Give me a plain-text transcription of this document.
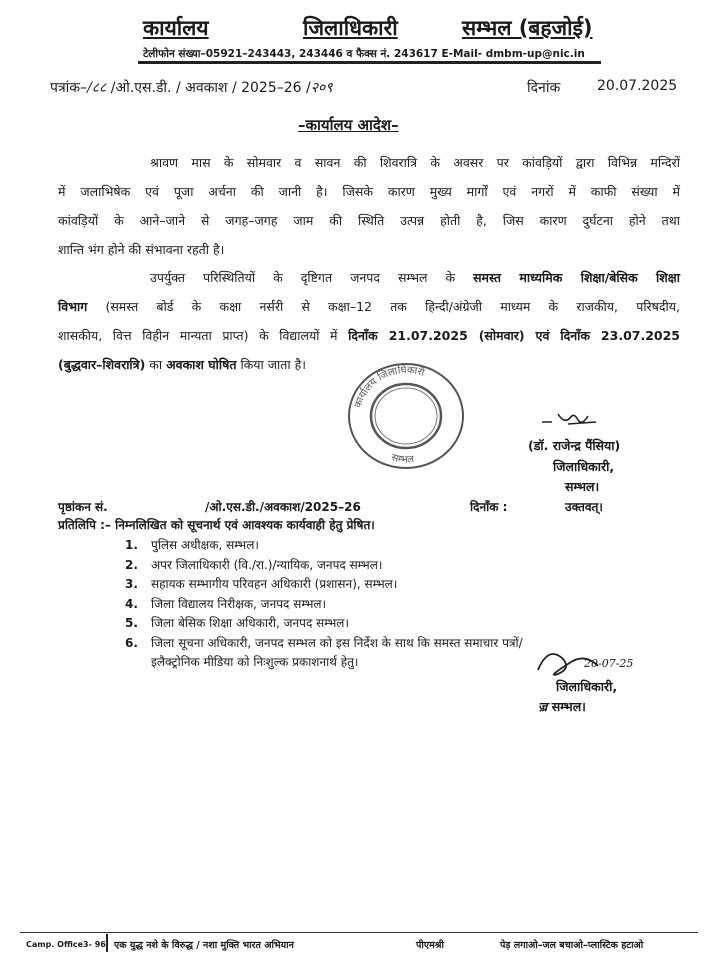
कार्यालय	जिलाधिकारी	सम्भल (बहजोई)
टेलीफोन संख्या–05921–243443, 243446 व फैक्स नं. 243617 E-Mail- dmbm-up@nic.in
पत्रांक–/८८ /ओ.एस.डी. / अवकाश / 2025–26 /२०९	दिनांक	20.07.2025
–कार्यालय आदेश–
श्रावण मास के सोमवार व सावन की शिवरात्रि के अवसर पर कांवड़ियों द्वारा विभिन्न मन्दिरों
में जलाभिषेक एवं पूजा अर्चना की जानी है। जिसके कारण मुख्य मार्गों एवं नगरों में काफी संख्या में
कांवड़ियों के आने–जाने से जगह–जगह जाम की स्थिति उत्पन्न होती है, जिस कारण दुर्घटना होने तथा
शान्ति भंग होने की संभावना रहती है।
उपर्युक्त परिस्थितियों के दृष्टिगत जनपद सम्भल के समस्त माध्यमिक शिक्षा/बेसिक शिक्षा
विभाग (समस्त बोर्ड के कक्षा नर्सरी से कक्षा–12 तक हिन्दी/अंग्रेजी माध्यम के राजकीय, परिषदीय,
शासकीय, वित्त विहीन मान्यता प्राप्त) के विद्यालयों में दिनाँक 21.07.2025 (सोमवार) एवं दिनाँक 23.07.2025
(बुद्धवार–शिवरात्रि) का अवकाश घोषित किया जाता है।
कार्यालय जिलाधिकारी
सम्भल
(डॉ. राजेन्द्र पैंसिया)
जिलाधिकारी,
सम्भल।
पृष्ठांकन सं.	/ओ.एस.डी./अवकाश/2025–26	दिनाँक :	उक्तवत्।
प्रतिलिपि :– निम्नलिखित को सूचनार्थ एवं आवश्यक कार्यवाही हेतु प्रेषित।
1. पुलिस अधीक्षक, सम्भल।
2. अपर जिलाधिकारी (वि./रा.)/न्यायिक, जनपद सम्भल।
3. सहायक सम्भागीय परिवहन अधिकारी (प्रशासन), सम्भल।
4. जिला विद्यालय निरीक्षक, जनपद सम्भल।
5. जिला बेसिक शिक्षा अधिकारी, जनपद सम्भल।
6. जिला सूचना अधिकारी, जनपद सम्भल को इस निर्देश के साथ कि समस्त समाचार पत्रों/
इलैक्ट्रोनिक मीडिया को निःशुल्क प्रकाशनार्थ हेतु।	20-07-25
जिलाधिकारी,
ज़्र सम्भल।
Camp. Office3- 96 एक युद्ध नशे के विरुद्ध / नशा मुक्ति भारत अभियान	पीएमश्री	पेड़ लगाओ–जल बचाओ–प्लास्टिक हटाओ
